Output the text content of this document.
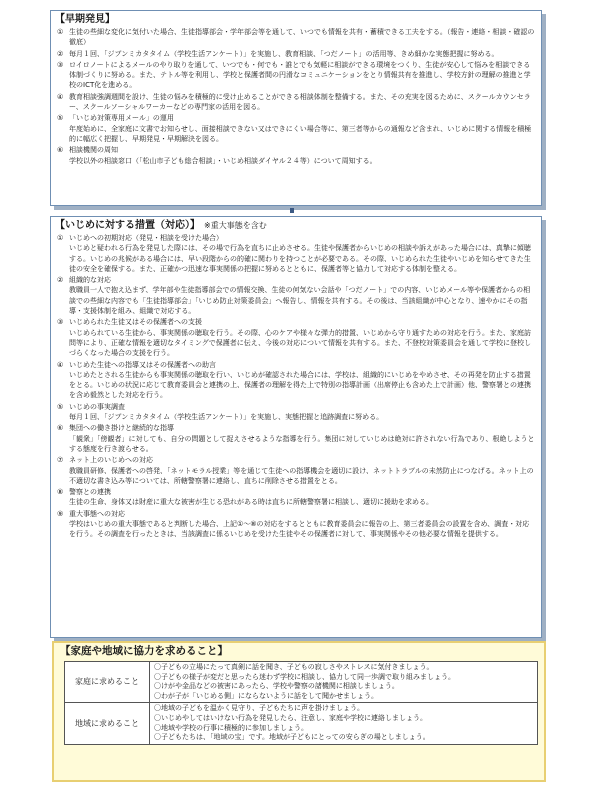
【早期発見】
① 生徒の些細な変化に気付いた場合、生徒指導部会・学年部会等を通して、いつでも情報を共有・蓄積できる工夫をする。（報告・連絡・相談・確認の徹底）
② 毎月１回、「ジブンミカタタイム（学校生活アンケート）」を実施し、教育相談、「つだノート」の活用等、きめ細かな実態把握に努める。
③ ロイロノートによるメールのやり取りを通して、いつでも・何でも・誰とでも気軽に相談ができる環境をつくり、生徒が安心して悩みを相談できる体制づくりに努める。また、テトル等を利用し、学校と保護者間の円滑なコミュニケーションをとり情報共有を推進し、学校方針の理解の推進と学校のICT化を進める。
④ 教育相談強調週間を設け、生徒の悩みを積極的に受け止めることができる相談体制を整備する。また、その充実を図るために、スクールカウンセラー、スクールソーシャルワーカーなどの専門家の活用を図る。
⑤ 「いじめ対策専用メール」の運用
年度始めに、全家庭に文書でお知らせし、面接相談できない又はできにくい場合等に、第三者等からの通報など含まれ、いじめに関する情報を積極的に幅広く把握し、早期発見・早期解決を図る。
⑥ 相談機関の周知
学校以外の相談窓口（「松山市子ども総合相談」・いじめ相談ダイヤル２４等）について周知する。
【いじめに対する措置（対応）】 ※重大事態を含む
① いじめへの初期対応（発見・相談を受けた場合）
いじめと疑われる行為を発見した際には、その場で行為を直ちに止めさせる。生徒や保護者からいじめの相談や訴えがあった場合には、真摯に傾聴する。いじめの兆候がある場合には、早い段階からの的確に関わりを持つことが必要である。その際、いじめられた生徒やいじめを知らせてきた生徒の安全を確保する。また、正確かつ迅速な事実関係の把握に努めるとともに、保護者等と協力して対応する体制を整える。
② 組織的な対応
教職員一人で抱え込まず、学年部や生徒指導部会での情報交換、生徒の何気ない会話や「つだノート」での内容、いじめメール等や保護者からの相談での些細な内容でも「生徒指導部会」「いじめ防止対策委員会」へ報告し、情報を共有する。その後は、当該組織が中心となり、速やかにその指導・支援体制を組み、組織で対応する。
③ いじめられた生徒又はその保護者への支援
いじめられている生徒から、事実関係の聴取を行う。その際、心のケアや様々な弾力的措置、いじめから守り通すための対応を行う。また、家庭訪問等により、正確な情報を適切なタイミングで保護者に伝え、今後の対応について情報を共有する。また、不登校対策委員会を通して学校に登校しづらくなった場合の支援を行う。
④ いじめた生徒への指導又はその保護者への助言
いじめたとされる生徒からも事実関係の聴取を行い、いじめが確認された場合には、学校は、組織的にいじめをやめさせ、その再発を防止する措置をとる。いじめの状況に応じて教育委員会と連携の上、保護者の理解を得た上で特別の指導計画（出席停止も含めた上で計画）他、警察署との連携を含め毅然とした対応を行う。
⑤ いじめの事実調査
毎月１回、「ジブンミカタタイム（学校生活アンケート）」を実施し、実態把握と追跡調査に努める。
⑥ 集団への働き掛けと継続的な指導
「観衆」「傍観者」に対しても、自分の問題として捉えさせるような指導を行う。集団に対していじめは絶対に許されない行為であり、根絶しようとする態度を行き渡らせる。
⑦ ネット上のいじめへの対応
教職員研修、保護者への啓発、「ネットモラル授業」等を通じて生徒への指導機会を適切に設け、ネットトラブルの未然防止につなげる。ネット上の不適切な書き込み等については、所轄警察署に連絡し、直ちに削除させる措置をとる。
⑧ 警察との連携
生徒の生命、身体又は財産に重大な被害が生じる恐れがある時は直ちに所轄警察署に相談し、適切に援助を求める。
⑨ 重大事態への対応
学校はいじめの重大事態であると判断した場合、上記①～⑧の対応をするとともに教育委員会に報告の上、第三者委員会の設置を含め、調査・対応を行う。その調査を行ったときは、当該調査に係るいじめを受けた生徒やその保護者に対して、事実関係やその他必要な情報を提供する。
【家庭や地域に協力を求めること】
家庭に求めること	〇子どもの立場にたって真剣に話を聞き、子どもの寂しさやストレスに気付きましょう。
〇子どもの様子が変だと思ったら迷わず学校に相談し、協力して同一歩調で取り組みましょう。
〇けがや金品などの被害にあったら、学校や警察の諸機関に相談しましょう。
〇わが子が「いじめる側」にならないように話をして聞かせましょう。

地域に求めること	〇地域の子どもを温かく見守り、子どもたちに声を掛けましょう。
〇いじめやしてはいけない行為を発見したら、注意し、家庭や学校に連絡しましょう。
〇地域や学校の行事に積極的に参加しましょう。
〇子どもたちは、「地域の宝」です。地域が子どもにとっての安らぎの場としましょう。
